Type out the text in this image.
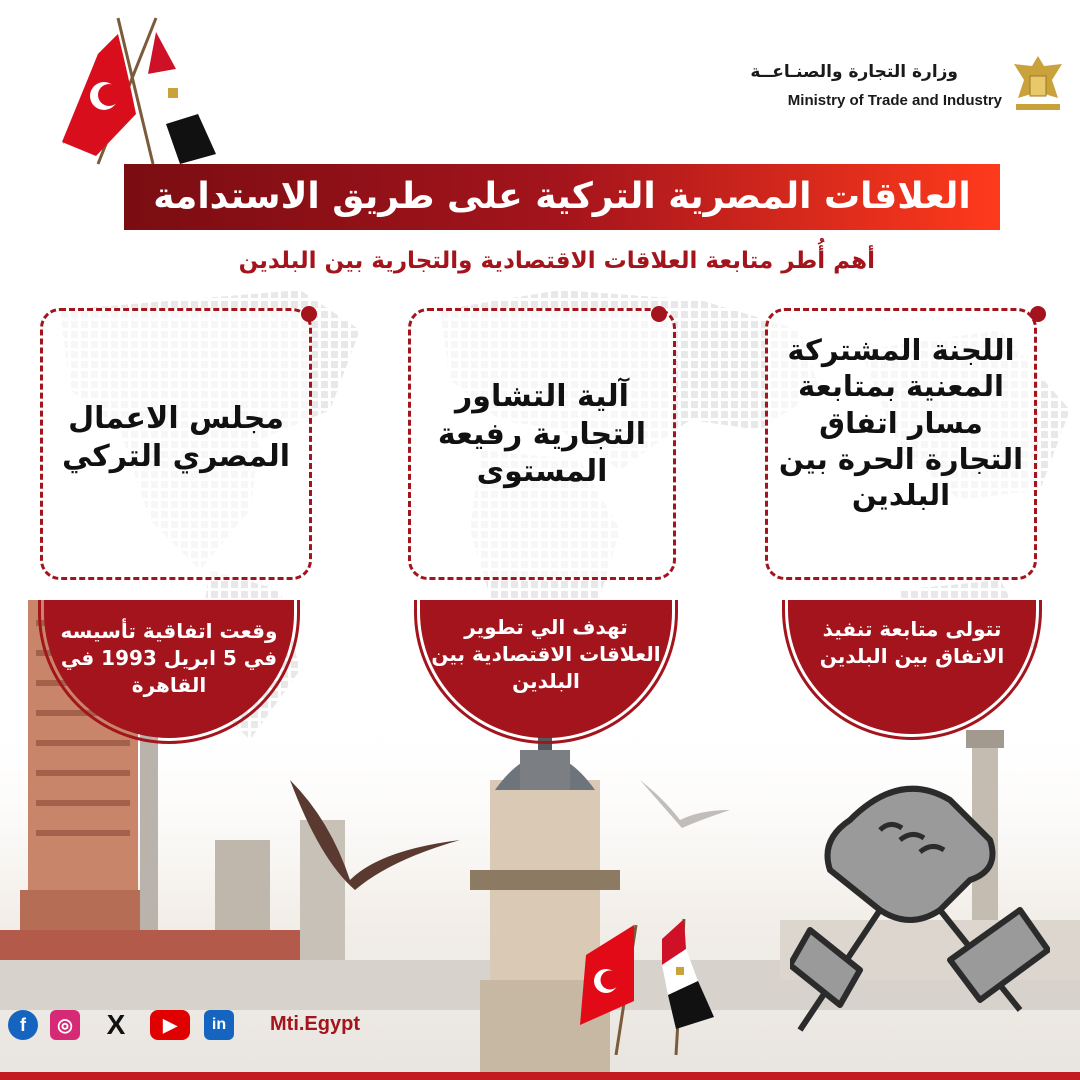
وزارة التجارة والصنـاعــة
Ministry of Trade and Industry
العلاقات المصرية التركية على طريق الاستدامة
أهم أُطر متابعة العلاقات الاقتصادية والتجارية بين البلدين
اللجنة المشتركة المعنية بمتابعة مسار اتفاق التجارة الحرة بين البلدين
آلية التشاور التجارية رفيعة المستوى
مجلس الاعمال المصري التركي
تتولى متابعة تنفيذ الاتفاق بين البلدين
تهدف الي تطوير العلاقات الاقتصادية بين البلدين
وقعت اتفاقية تأسيسه في 5 ابريل 1993 في القاهرة
f	◎ X	▶	in	Mti.Egypt
